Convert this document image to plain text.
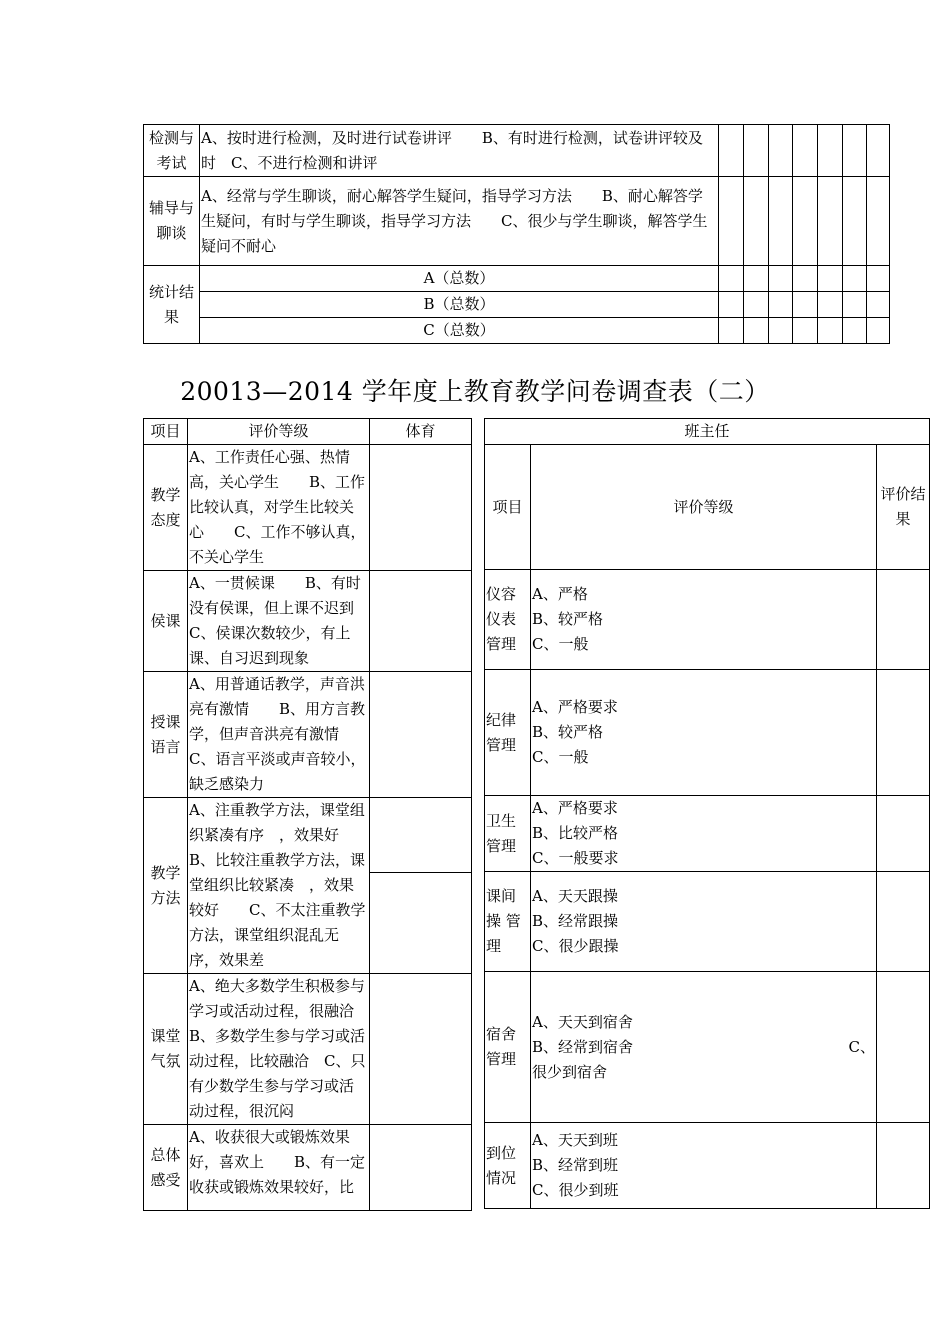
检测与考试	A、按时进行检测，及时进行试卷讲评　　B、有时进行检测，试卷讲评较及时　C、不进行检测和讲评							
辅导与聊谈	A、经常与学生聊谈，耐心解答学生疑问，指导学习方法　　B、耐心解答学生疑问，有时与学生聊谈，指导学习方法　　C、很少与学生聊谈，解答学生疑问不耐心							
统计结果	A（总数）							
	B（总数）							
	C（总数）							
20013—2014 学年度上教育教学问卷调查表（二）
项目	评价等级	体育
教学态度	A、工作责任心强、热情高，关心学生　　B、工作比较认真，对学生比较关心　　C、工作不够认真，不关心学生	
侯课	A、一贯候课　　B、有时没有侯课，但上课不迟到　　C、侯课次数较少，有上课、自习迟到现象	
授课语言	A、用普通话教学，声音洪亮有激情　　B、用方言教学，但声音洪亮有激情　C、语言平淡或声音较小，缺乏感染力	
教学方法	A、注重教学方法，课堂组织紧凑有序　，效果好　　B、比较注重教学方法，课堂组织比较紧凑　，效果较好　　C、不太注重教学方法，课堂组织混乱无序，效果差	

课堂气氛	A、绝大多数学生积极参与学习或活动过程，很融洽　　B、多数学生参与学习或活动过程，比较融洽　C、只有少数学生参与学习或活动过程，很沉闷	
总体感受	A、收获很大或锻炼效果好，喜欢上　　B、有一定收获或锻炼效果较好，比	
班主任		
项目	评价等级	评价结果
仪容仪表管理	A、严格
B、较严格
C、一般	

纪律管理	A、严格要求
B、较严格
C、一般	

卫生管理	A、严格要求
B、比较严格
C、一般要求	

课间操 管理	A、天天跟操
B、经常跟操
C、很少跟操	

宿舍管理	A、天天到宿舍
B、经常到宿舍 C、
很少到宿舍	

到位情况	A、天天到班
B、经常到班
C、很少到班	
